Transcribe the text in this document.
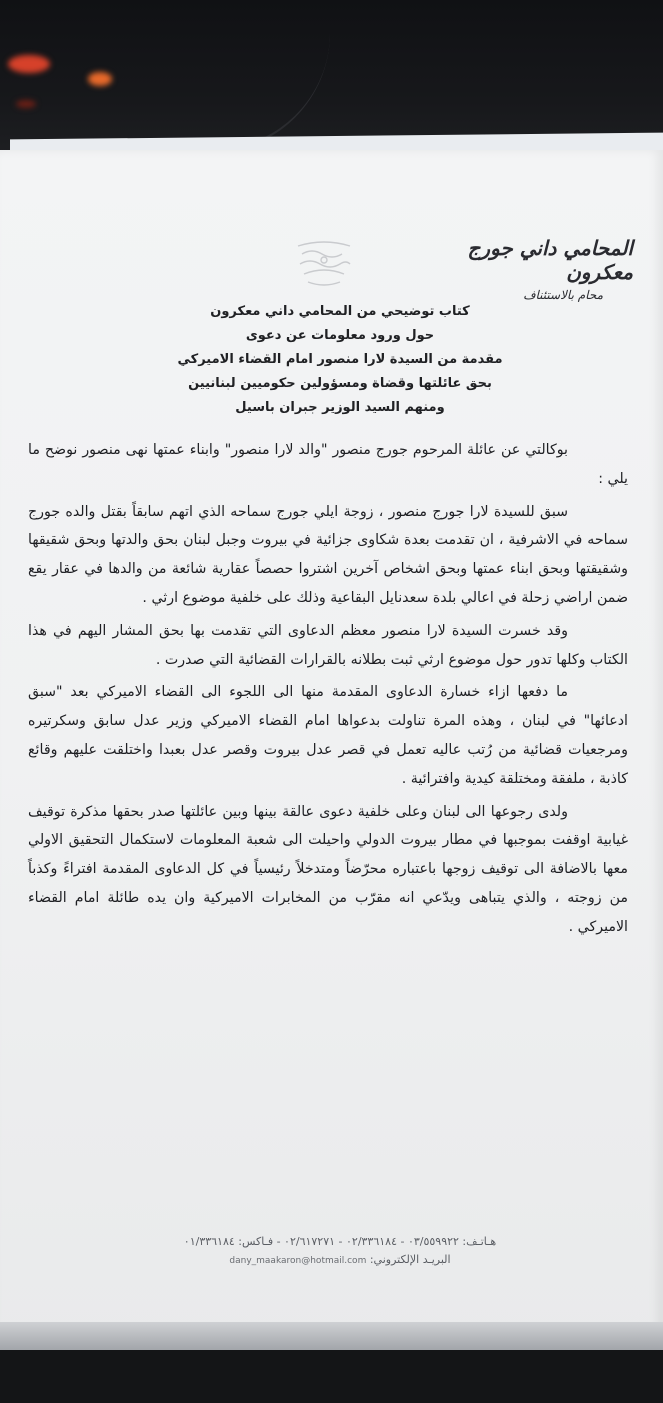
المحامي داني جورج معكرون
محام بالاستئناف
كتاب توضيحي من المحامي داني معكرون
حول ورود معلومات عن دعوى
مقدمة من السيدة لارا منصور امام القضاء الاميركي
بحق عائلتها وقضاة ومسؤولين حكوميين لبنانيين
ومنهم السيد الوزير جبران باسيل

بوكالتي عن عائلة المرحوم جورج منصور "والد لارا منصور" وابناء عمتها نهى منصور نوضح ما يلي :

سبق للسيدة لارا جورج منصور ، زوجة ايلي جورج سماحه الذي اتهم سابقاً بقتل والده جورج سماحه في الاشرفية ، ان تقدمت بعدة شكاوى جزائية في بيروت وجبل لبنان بحق والدتها وبحق شقيقها وشقيقتها وبحق ابناء عمتها وبحق اشخاص آخرين اشتروا حصصاً عقارية شائعة من والدها في عقار يقع ضمن اراضي زحلة في اعالي بلدة سعدنايل البقاعية وذلك على خلفية موضوع ارثي .

وقد خسرت السيدة لارا منصور معظم الدعاوى التي تقدمت بها بحق المشار اليهم في هذا الكتاب وكلها تدور حول موضوع ارثي ثبت بطلانه بالقرارات القضائية التي صدرت .

ما دفعها ازاء خسارة الدعاوى المقدمة منها الى اللجوء الى القضاء الاميركي بعد "سبق ادعائها" في لبنان ، وهذه المرة تناولت بدعواها امام القضاء الاميركي وزير عدل سابق وسكرتيره ومرجعيات قضائية من رُتب عاليه تعمل في قصر عدل بيروت وقصر عدل بعبدا واختلقت عليهم وقائع كاذبة ، ملفقة ومختلقة كيدية وافترائية .

ولدى رجوعها الى لبنان وعلى خلفية دعوى عالقة بينها وبين عائلتها صدر بحقها مذكرة توقيف غيابية اوقفت بموجبها في مطار بيروت الدولي واحيلت الى شعبة المعلومات لاستكمال التحقيق الاولي معها بالاضافة الى توقيف زوجها باعتباره محرّضاً ومتدخلاً رئيسياً في كل الدعاوى المقدمة افتراءً وكذباً من زوجته ، والذي يتباهى ويدّعي انه مقرّب من المخابرات الاميركية وان يده طائلة امام القضاء الاميركي .

هـاتـف: ٠٣/٥٥٩٩٢٢ - ٠٢/٣٣٦١٨٤ - ٠٢/٦١٧٢٧١ - فـاكس: ٠١/٣٣٦١٨٤
البريـد الإلكتروني: dany_maakaron@hotmail.com
